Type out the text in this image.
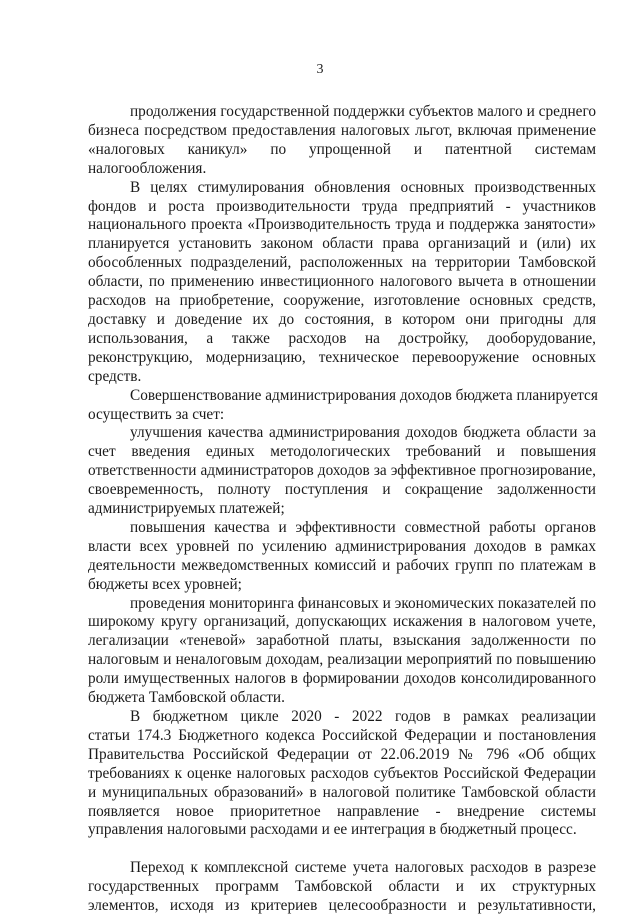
3
продолжения государственной поддержки субъектов малого и среднего
бизнеса посредством предоставления налоговых льгот, включая применение
«налоговых каникул» по упрощенной и патентной системам
налогообложения.
В целях стимулирования обновления основных производственных
фондов и роста производительности труда предприятий - участников
национального проекта «Производительность труда и поддержка занятости»
планируется установить законом области права организаций и (или) их
обособленных подразделений, расположенных на территории Тамбовской
области, по применению инвестиционного налогового вычета в отношении
расходов на приобретение, сооружение, изготовление основных средств,
доставку и доведение их до состояния, в котором они пригодны для
использования, а также расходов на достройку, дооборудование,
реконструкцию, модернизацию, техническое перевооружение основных
средств.
Совершенствование администрирования доходов бюджета планируется
осуществить за счет:
улучшения качества администрирования доходов бюджета области за
счет введения единых методологических требований и повышения
ответственности администраторов доходов за эффективное прогнозирование,
своевременность, полноту поступления и сокращение задолженности
администрируемых платежей;
повышения качества и эффективности совместной работы органов
власти всех уровней по усилению администрирования доходов в рамках
деятельности межведомственных комиссий и рабочих групп по платежам в
бюджеты всех уровней;
проведения мониторинга финансовых и экономических показателей по
широкому кругу организаций, допускающих искажения в налоговом учете,
легализации «теневой» заработной платы, взыскания задолженности по
налоговым и неналоговым доходам, реализации мероприятий по повышению
роли имущественных налогов в формировании доходов консолидированного
бюджета Тамбовской области.
В бюджетном цикле 2020 - 2022 годов в рамках реализации
статьи 174.3 Бюджетного кодекса Российской Федерации и постановления
Правительства Российской Федерации от 22.06.2019 № 796 «Об общих
требованиях к оценке налоговых расходов субъектов Российской Федерации
и муниципальных образований» в налоговой политике Тамбовской области
появляется новое приоритетное направление - внедрение системы
управления налоговыми расходами и ее интеграция в бюджетный процесс.

Переход к комплексной системе учета налоговых расходов в разрезе
государственных программ Тамбовской области и их структурных
элементов, исходя из критериев целесообразности и результативности,
